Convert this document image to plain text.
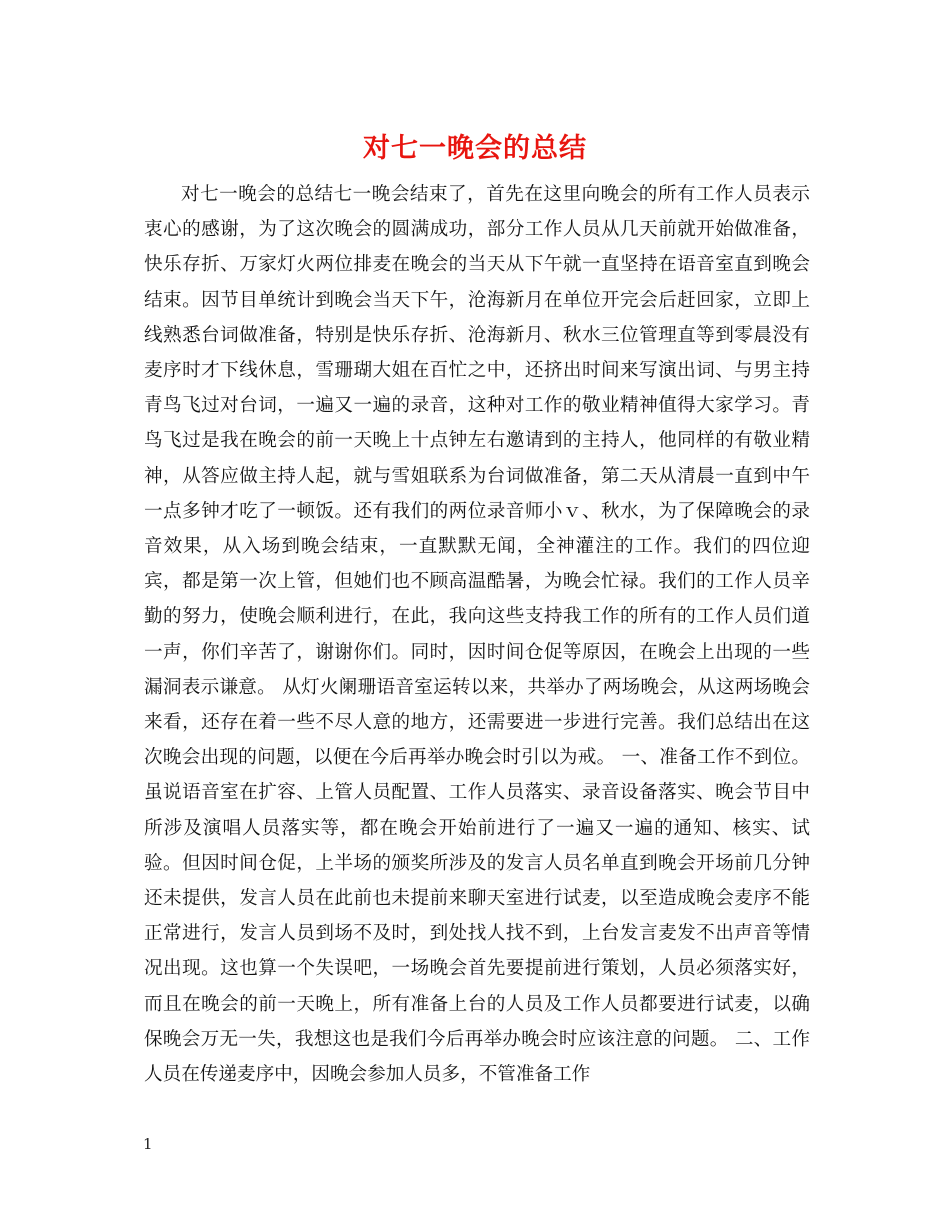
对七一晚会的总结

对七一晚会的总结七一晚会结束了，首先在这里向晚会的所有工作人员表示衷心的感谢，为了这次晚会的圆满成功，部分工作人员从几天前就开始做准备，快乐存折、万家灯火两位排麦在晚会的当天从下午就一直坚持在语音室直到晚会结束。因节目单统计到晚会当天下午，沧海新月在单位开完会后赶回家，立即上线熟悉台词做准备，特别是快乐存折、沧海新月、秋水三位管理直等到零晨没有麦序时才下线休息，雪珊瑚大姐在百忙之中，还挤出时间来写演出词、与男主持青鸟飞过对台词，一遍又一遍的录音，这种对工作的敬业精神值得大家学习。青鸟飞过是我在晚会的前一天晚上十点钟左右邀请到的主持人，他同样的有敬业精神，从答应做主持人起，就与雪姐联系为台词做准备，第二天从清晨一直到中午一点多钟才吃了一顿饭。还有我们的两位录音师小ｖ、秋水，为了保障晚会的录音效果，从入场到晚会结束，一直默默无闻，全神灌注的工作。我们的四位迎宾，都是第一次上管，但她们也不顾高温酷暑，为晚会忙禄。我们的工作人员辛勤的努力，使晚会顺利进行，在此，我向这些支持我工作的所有的工作人员们道一声，你们辛苦了，谢谢你们。同时，因时间仓促等原因，在晚会上出现的一些漏洞表示谦意。 从灯火阑珊语音室运转以来，共举办了两场晚会，从这两场晚会来看，还存在着一些不尽人意的地方，还需要进一步进行完善。我们总结出在这次晚会出现的问题，以便在今后再举办晚会时引以为戒。 一、准备工作不到位。虽说语音室在扩容、上管人员配置、工作人员落实、录音设备落实、晚会节目中所涉及演唱人员落实等，都在晚会开始前进行了一遍又一遍的通知、核实、试验。但因时间仓促，上半场的颁奖所涉及的发言人员名单直到晚会开场前几分钟还未提供，发言人员在此前也未提前来聊天室进行试麦，以至造成晚会麦序不能正常进行，发言人员到场不及时，到处找人找不到，上台发言麦发不出声音等情况出现。这也算一个失误吧，一场晚会首先要提前进行策划，人员必须落实好，而且在晚会的前一天晚上，所有准备上台的人员及工作人员都要进行试麦，以确保晚会万无一失，我想这也是我们今后再举办晚会时应该注意的问题。 二、工作人员在传递麦序中，因晚会参加人员多，不管准备工作

1
